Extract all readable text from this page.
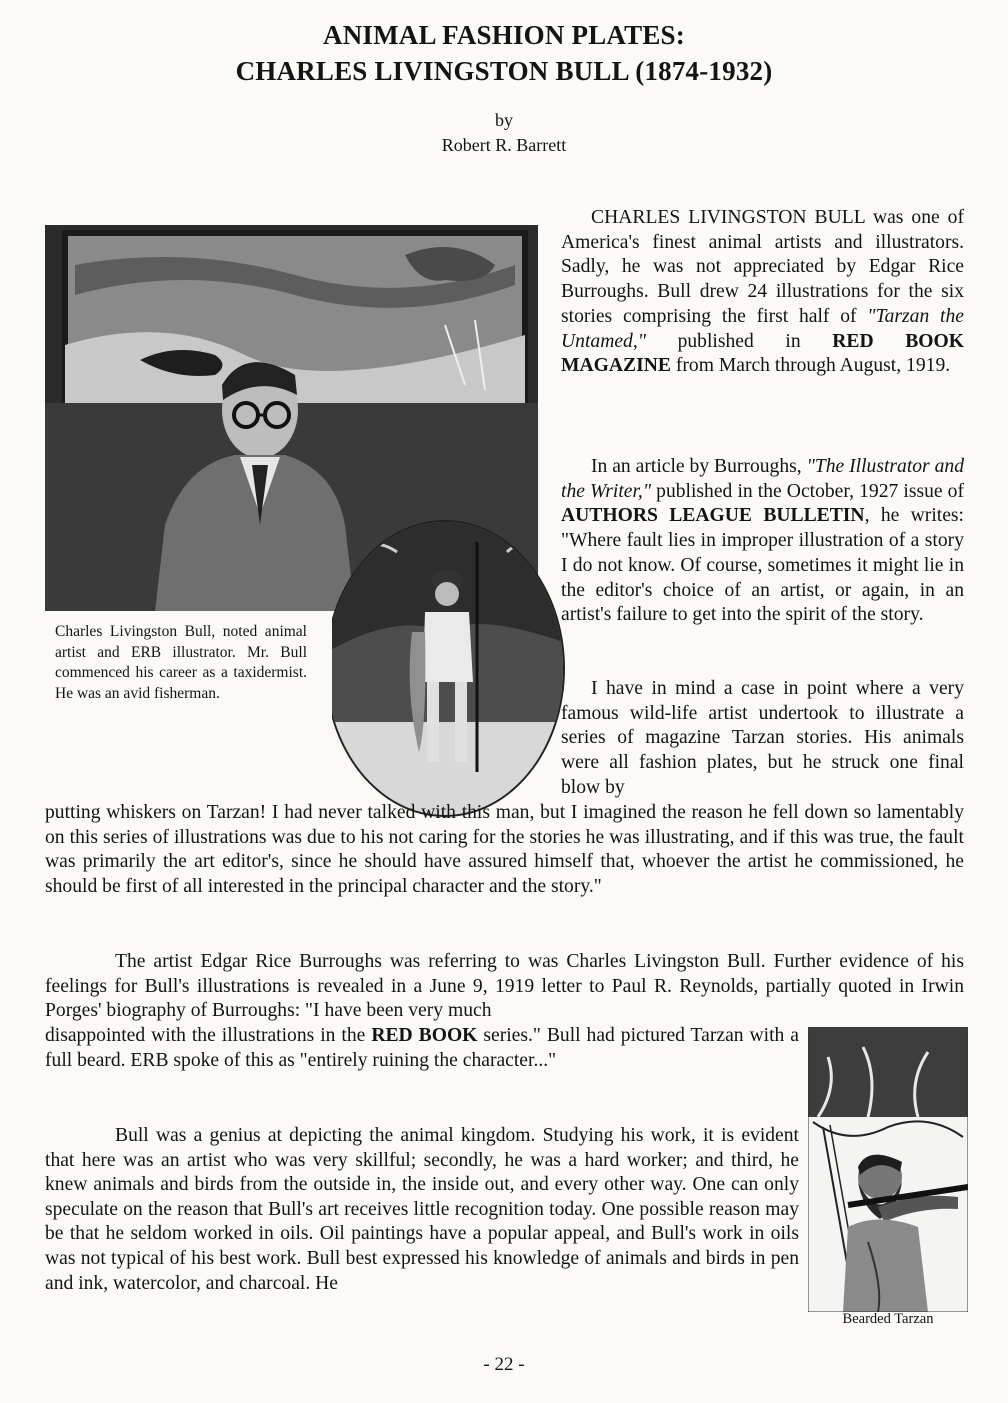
ANIMAL FASHION PLATES:
CHARLES LIVINGSTON BULL (1874-1932)
by
Robert R. Barrett

Charles Livingston Bull, noted animal artist and ERB illustrator. Mr. Bull commenced his career as a taxidermist. He was an avid fisherman.

CHARLES LIVINGSTON BULL was one of America's finest animal artists and illustrators. Sadly, he was not appreciated by Edgar Rice Burroughs. Bull drew 24 illustrations for the six stories comprising the first half of "Tarzan the Untamed," published in RED BOOK MAGAZINE from March through August, 1919.

In an article by Burroughs, "The Illustrator and the Writer," published in the October, 1927 issue of AUTHORS LEAGUE BULLETIN, he writes: "Where fault lies in improper illustration of a story I do not know. Of course, sometimes it might lie in the editor's choice of an artist, or again, in an artist's failure to get into the spirit of the story.

I have in mind a case in point where a very famous wild-life artist undertook to illustrate a series of magazine Tarzan stories. His animals were all fashion plates, but he struck one final blow by

putting whiskers on Tarzan! I had never talked with this man, but I imagined the reason he fell down so lamentably on this series of illustrations was due to his not caring for the stories he was illustrating, and if this was true, the fault was primarily the art editor's, since he should have assured himself that, whoever the artist he commissioned, he should be first of all interested in the principal character and the story."

The artist Edgar Rice Burroughs was referring to was Charles Livingston Bull. Further evidence of his feelings for Bull's illustrations is revealed in a June 9, 1919 letter to Paul R. Reynolds, partially quoted in Irwin Porges' biography of Burroughs: "I have been very much

disappointed with the illustrations in the RED BOOK series." Bull had pictured Tarzan with a full beard. ERB spoke of this as "entirely ruining the character..."

Bull was a genius at depicting the animal kingdom. Studying his work, it is evident that here was an artist who was very skillful; secondly, he was a hard worker; and third, he knew animals and birds from the outside in, the inside out, and every other way. One can only speculate on the reason that Bull's art receives little recognition today. One possible reason may be that he seldom worked in oils. Oil paintings have a popular appeal, and Bull's work in oils was not typical of his best work. Bull best expressed his knowledge of animals and birds in pen and ink, watercolor, and charcoal. He

Bearded Tarzan
- 22 -
